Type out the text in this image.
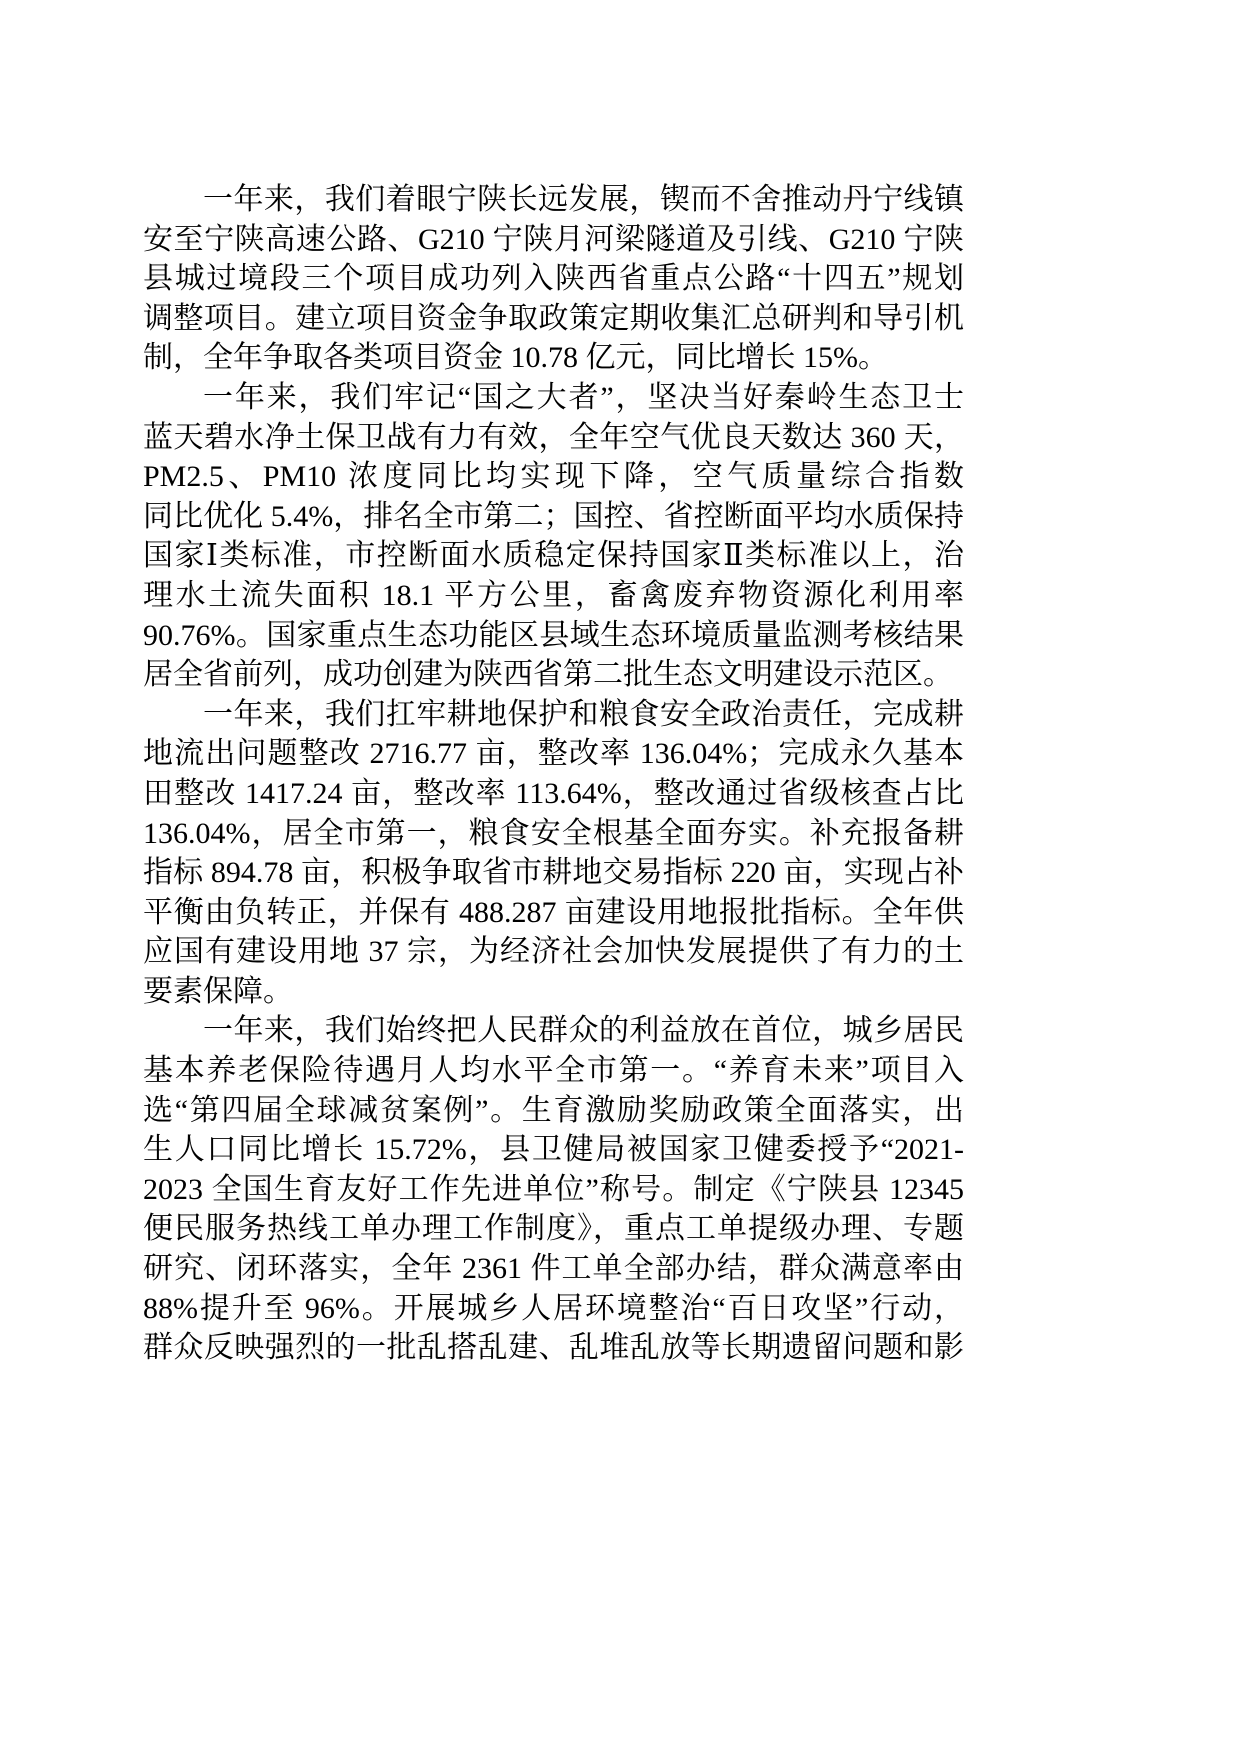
一年来，我们着眼宁陕长远发展，锲而不舍推动丹宁线镇
安至宁陕高速公路、G210 宁陕月河梁隧道及引线、G210 宁陕
县城过境段三个项目成功列入陕西省重点公路“十四五”规划
调整项目。建立项目资金争取政策定期收集汇总研判和导引机
制，全年争取各类项目资金 10.78 亿元，同比增长 15%。
一年来，我们牢记“国之大者”，坚决当好秦岭生态卫士
蓝天碧水净土保卫战有力有效，全年空气优良天数达 360 天，
PM2.5、PM10 浓度同比均实现下降，空气质量综合指数
同比优化 5.4%，排名全市第二；国控、省控断面平均水质保持
国家Ⅰ类标准，市控断面水质稳定保持国家Ⅱ类标准以上，治
理水土流失面积 18.1 平方公里，畜禽废弃物资源化利用率
90.76%。国家重点生态功能区县域生态环境质量监测考核结果
居全省前列，成功创建为陕西省第二批生态文明建设示范区。
一年来，我们扛牢耕地保护和粮食安全政治责任，完成耕
地流出问题整改 2716.77 亩，整改率 136.04%；完成永久基本
田整改 1417.24 亩，整改率 113.64%，整改通过省级核查占比
136.04%，居全市第一，粮食安全根基全面夯实。补充报备耕
指标 894.78 亩，积极争取省市耕地交易指标 220 亩，实现占补
平衡由负转正，并保有 488.287 亩建设用地报批指标。全年供
应国有建设用地 37 宗，为经济社会加快发展提供了有力的土
要素保障。
一年来，我们始终把人民群众的利益放在首位，城乡居民
基本养老保险待遇月人均水平全市第一。“养育未来”项目入
选“第四届全球减贫案例”。生育激励奖励政策全面落实，出
生人口同比增长 15.72%，县卫健局被国家卫健委授予“2021-
2023 全国生育友好工作先进单位”称号。制定《宁陕县 12345
便民服务热线工单办理工作制度》，重点工单提级办理、专题
研究、闭环落实，全年 2361 件工单全部办结，群众满意率由
88%提升至 96%。开展城乡人居环境整治“百日攻坚”行动，
群众反映强烈的一批乱搭乱建、乱堆乱放等长期遗留问题和影
